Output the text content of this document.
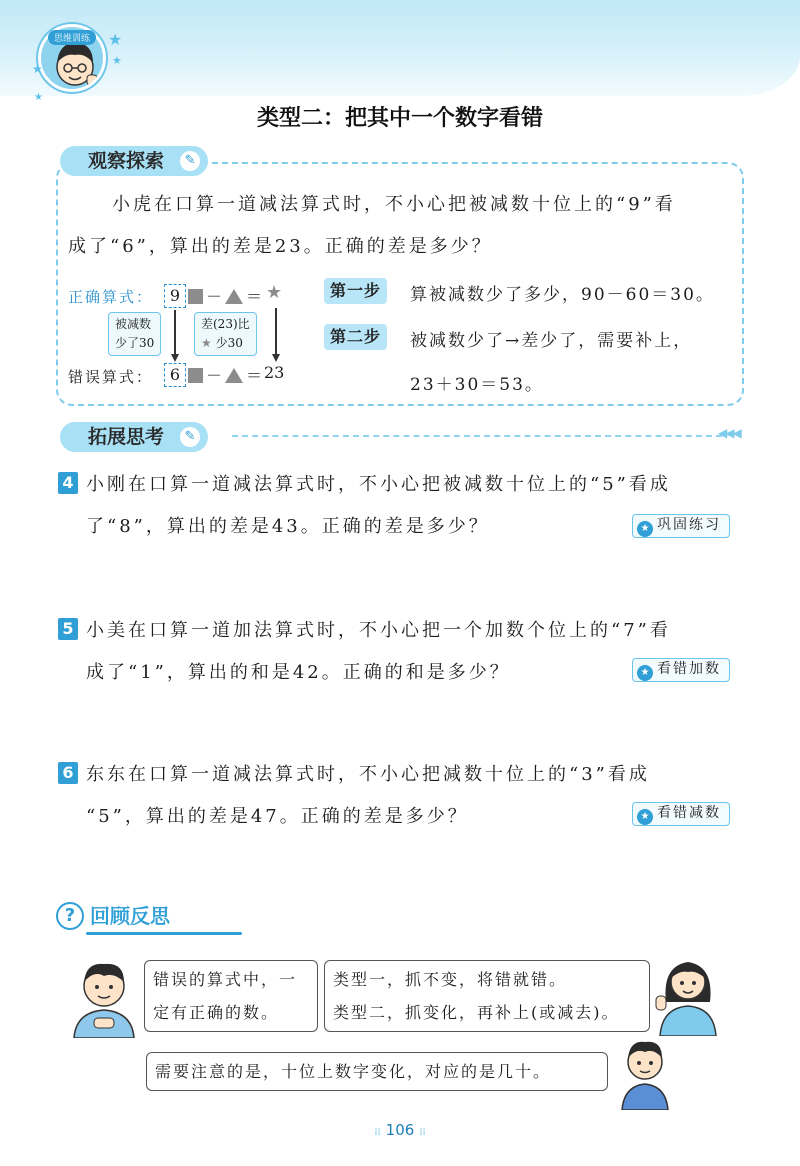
思维训练	★
★
★
★
类型二：把其中一个数字看错
观察探索	✎
小虎在口算一道减法算式时，不小心把被减数十位上的“9”看
成了“6”，算出的差是23。正确的差是多少？
正确算式：	9	－ ＝ ★
被减数
少了30
差(23)比
★ 少30
错误算式：	6	－ ＝ 23
第一步	算被减数少了多少，90－60＝30。
第二步	被减数少了→差少了，需要补上，
23＋30＝53。
拓展思考	✎	◀◀◀
4 小刚在口算一道减法算式时，不小心把被减数十位上的“5”看成
了“8”，算出的差是43。正确的差是多少？	★ 巩固练习
5 小美在口算一道加法算式时，不小心把一个加数个位上的“7”看
成了“1”，算出的和是42。正确的和是多少？	★ 看错加数
6 东东在口算一道减法算式时，不小心把减数十位上的“3”看成
“5”，算出的差是47。正确的差是多少？	★ 看错减数
? 回顾反思
错误的算式中，一
定有正确的数。
类型一，抓不变，将错就错。
类型二，抓变化，再补上(或减去)。
需要注意的是，十位上数字变化，对应的是几十。
⁞⁞ 106 ⁞⁞
